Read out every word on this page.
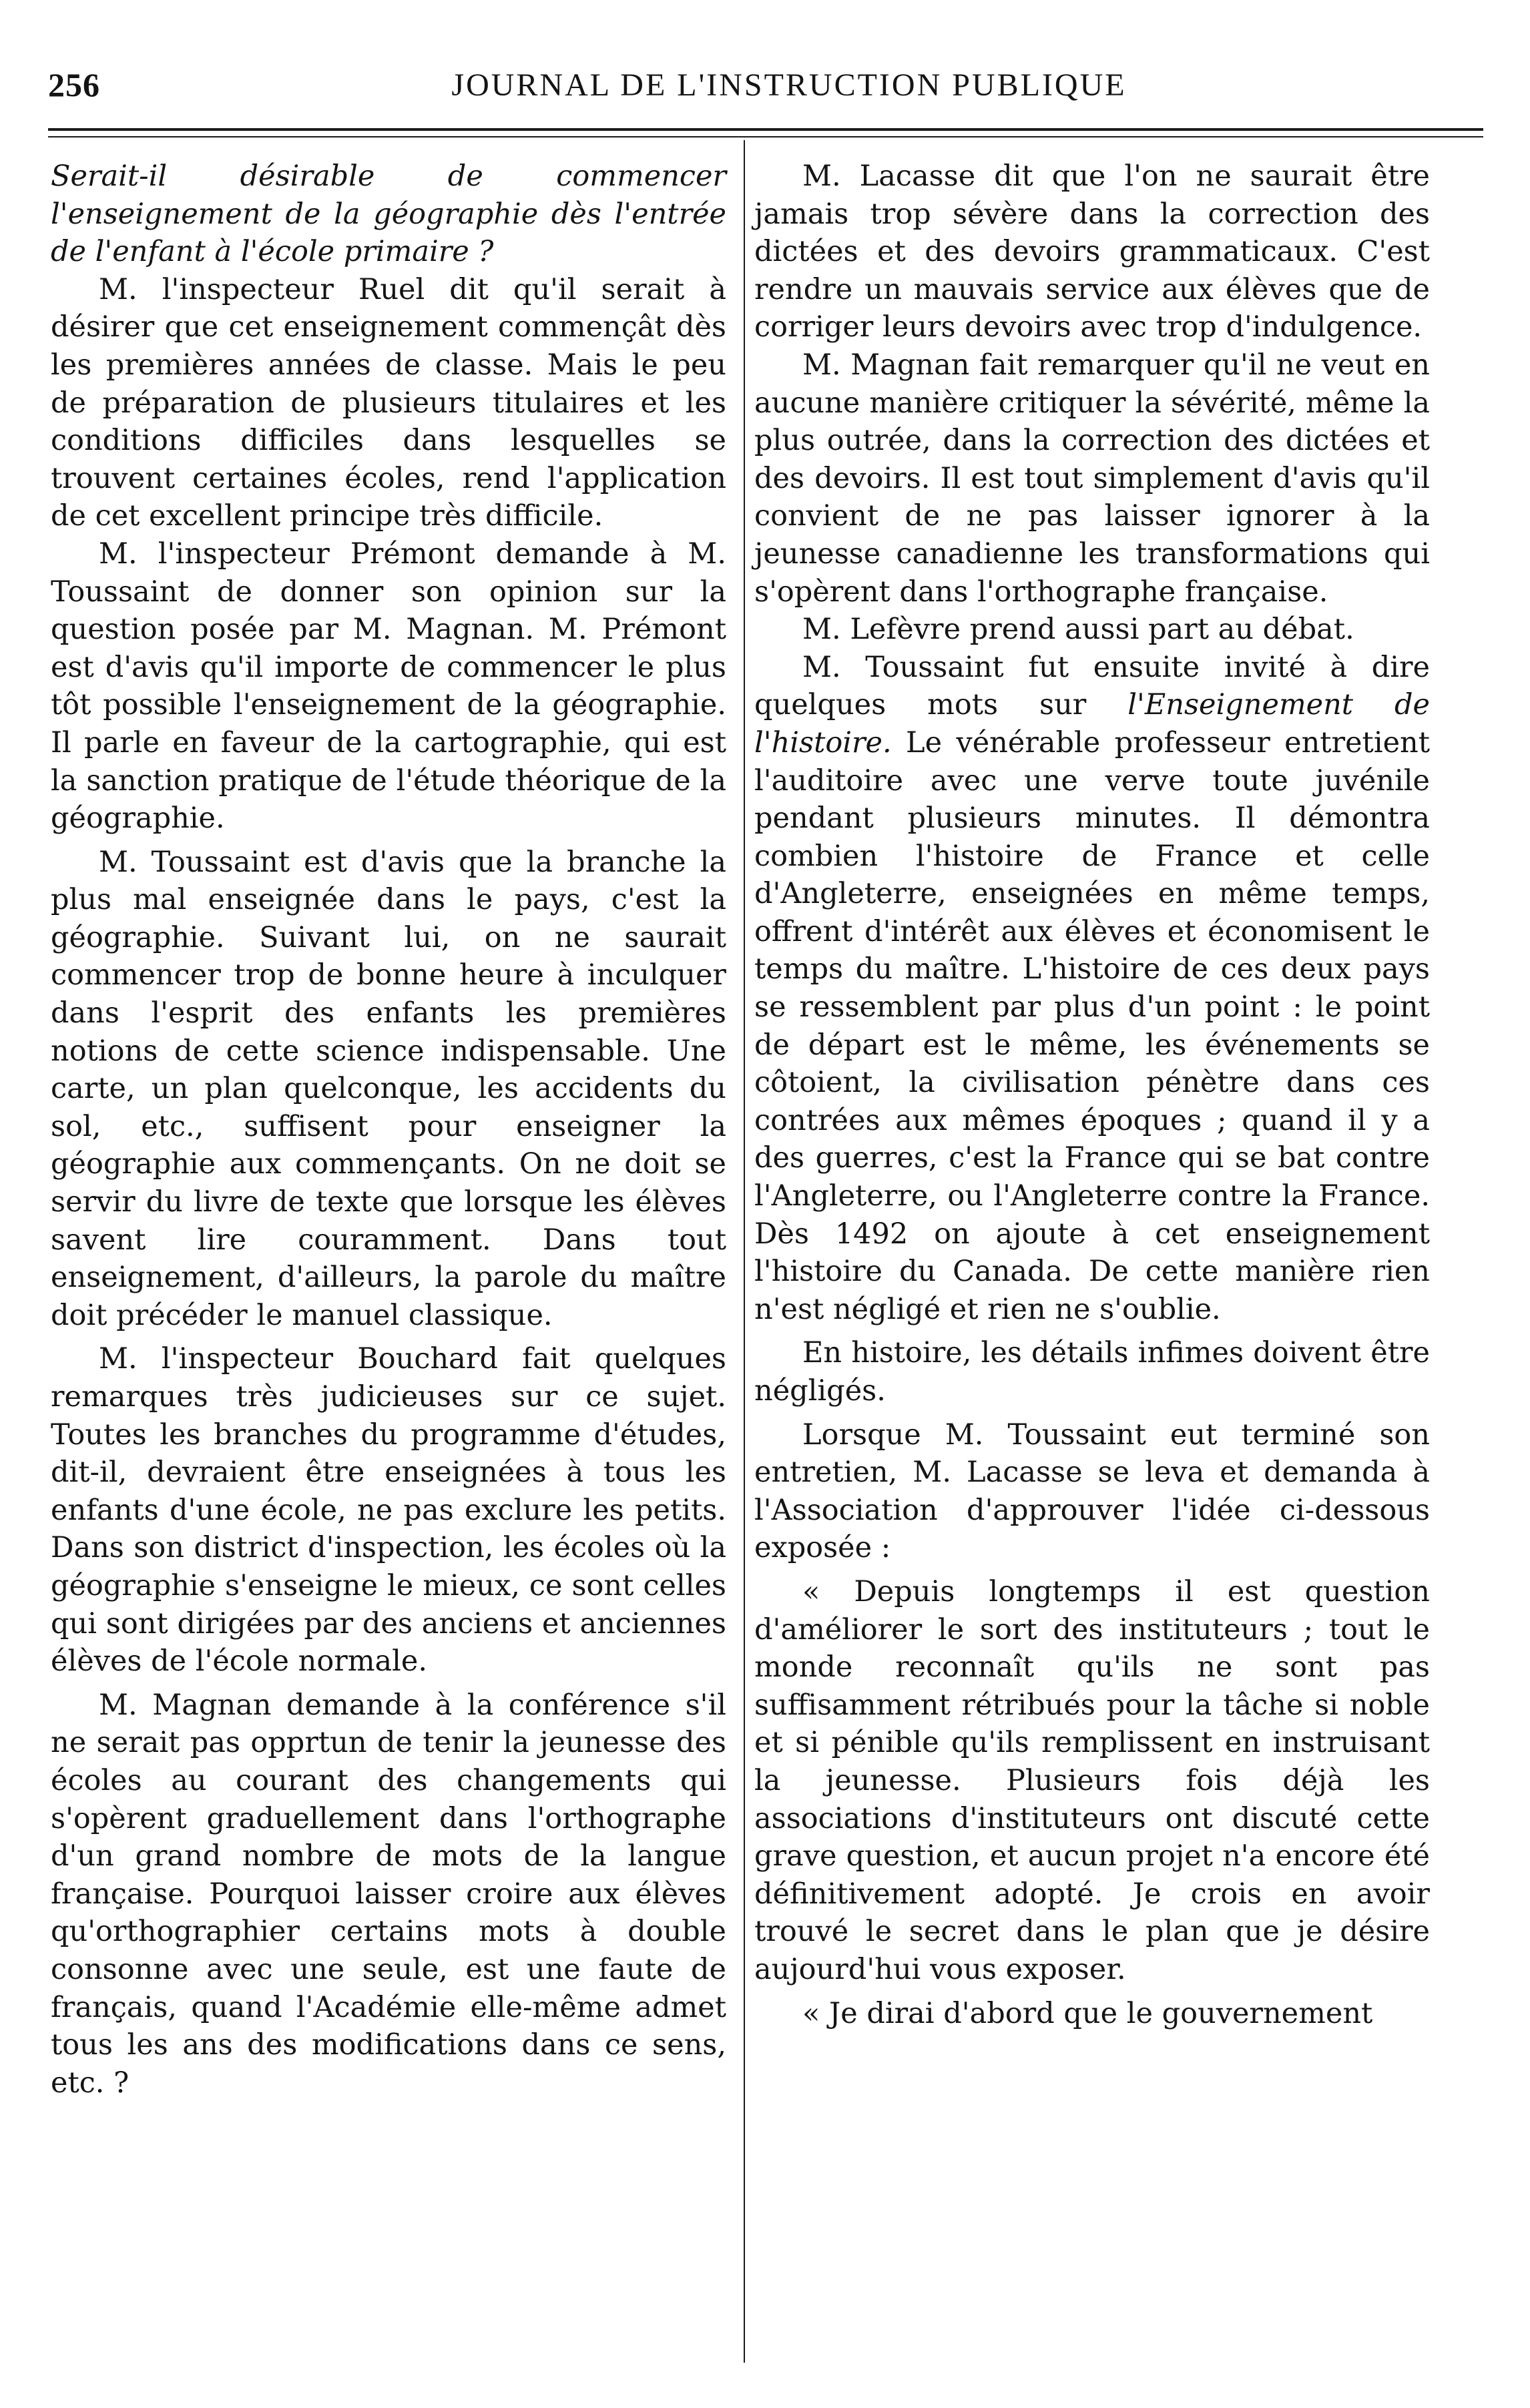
256	JOURNAL DE L'INSTRUCTION PUBLIQUE

Serait-il désirable de commencer l'enseignement de la géographie dès l'entrée de l'enfant à l'école primaire ?

M. l'inspecteur Ruel dit qu'il serait à désirer que cet enseignement commençât dès les premières années de classe. Mais le peu de préparation de plusieurs titulaires et les conditions difficiles dans lesquelles se trouvent certaines écoles, rend l'application de cet excellent principe très difficile.

M. l'inspecteur Prémont demande à M. Toussaint de donner son opinion sur la question posée par M. Magnan. M. Prémont est d'avis qu'il importe de commencer le plus tôt possible l'enseignement de la géographie. Il parle en faveur de la cartographie, qui est la sanction pratique de l'étude théorique de la géographie.

M. Toussaint est d'avis que la branche la plus mal enseignée dans le pays, c'est la géographie. Suivant lui, on ne saurait commencer trop de bonne heure à inculquer dans l'esprit des enfants les premières notions de cette science indispensable. Une carte, un plan quelconque, les accidents du sol, etc., suffisent pour enseigner la géographie aux commençants. On ne doit se servir du livre de texte que lorsque les élèves savent lire couramment. Dans tout enseignement, d'ailleurs, la parole du maître doit précéder le manuel classique.

M. l'inspecteur Bouchard fait quelques remarques très judicieuses sur ce sujet. Toutes les branches du programme d'études, dit-il, devraient être enseignées à tous les enfants d'une école, ne pas exclure les petits. Dans son district d'inspection, les écoles où la géographie s'enseigne le mieux, ce sont celles qui sont dirigées par des anciens et anciennes élèves de l'école normale.

M. Magnan demande à la conférence s'il ne serait pas opprtun de tenir la jeunesse des écoles au courant des changements qui s'opèrent graduellement dans l'orthographe d'un grand nombre de mots de la langue française. Pourquoi laisser croire aux élèves qu'orthographier certains mots à double consonne avec une seule, est une faute de français, quand l'Académie elle-même admet tous les ans des modifications dans ce sens, etc. ?

M. Lacasse dit que l'on ne saurait être jamais trop sévère dans la correction des dictées et des devoirs grammaticaux. C'est rendre un mauvais service aux élèves que de corriger leurs devoirs avec trop d'indulgence.

M. Magnan fait remarquer qu'il ne veut en aucune manière critiquer la sévérité, même la plus outrée, dans la correction des dictées et des devoirs. Il est tout simplement d'avis qu'il convient de ne pas laisser ignorer à la jeunesse canadienne les transformations qui s'opèrent dans l'orthographe française.

M. Lefèvre prend aussi part au débat.

M. Toussaint fut ensuite invité à dire quelques mots sur l'Enseignement de l'histoire. Le vénérable professeur entretient l'auditoire avec une verve toute juvénile pendant plusieurs minutes. Il démontra combien l'histoire de France et celle d'Angleterre, enseignées en même temps, offrent d'intérêt aux élèves et économisent le temps du maître. L'histoire de ces deux pays se ressemblent par plus d'un point : le point de départ est le même, les événements se côtoient, la civilisation pénètre dans ces contrées aux mêmes époques ; quand il y a des guerres, c'est la France qui se bat contre l'Angleterre, ou l'Angleterre contre la France. Dès 1492 on ajoute à cet enseignement l'histoire du Canada. De cette manière rien n'est négligé et rien ne s'oublie.

En histoire, les détails infimes doivent être négligés.

Lorsque M. Toussaint eut terminé son entretien, M. Lacasse se leva et demanda à l'Association d'approuver l'idée ci-dessous exposée :

« Depuis longtemps il est question d'améliorer le sort des instituteurs ; tout le monde reconnaît qu'ils ne sont pas suffisamment rétribués pour la tâche si noble et si pénible qu'ils remplissent en instruisant la jeunesse. Plusieurs fois déjà les associations d'instituteurs ont discuté cette grave question, et aucun projet n'a encore été définitivement adopté. Je crois en avoir trouvé le secret dans le plan que je désire aujourd'hui vous exposer.

« Je dirai d'abord que le gouvernement
